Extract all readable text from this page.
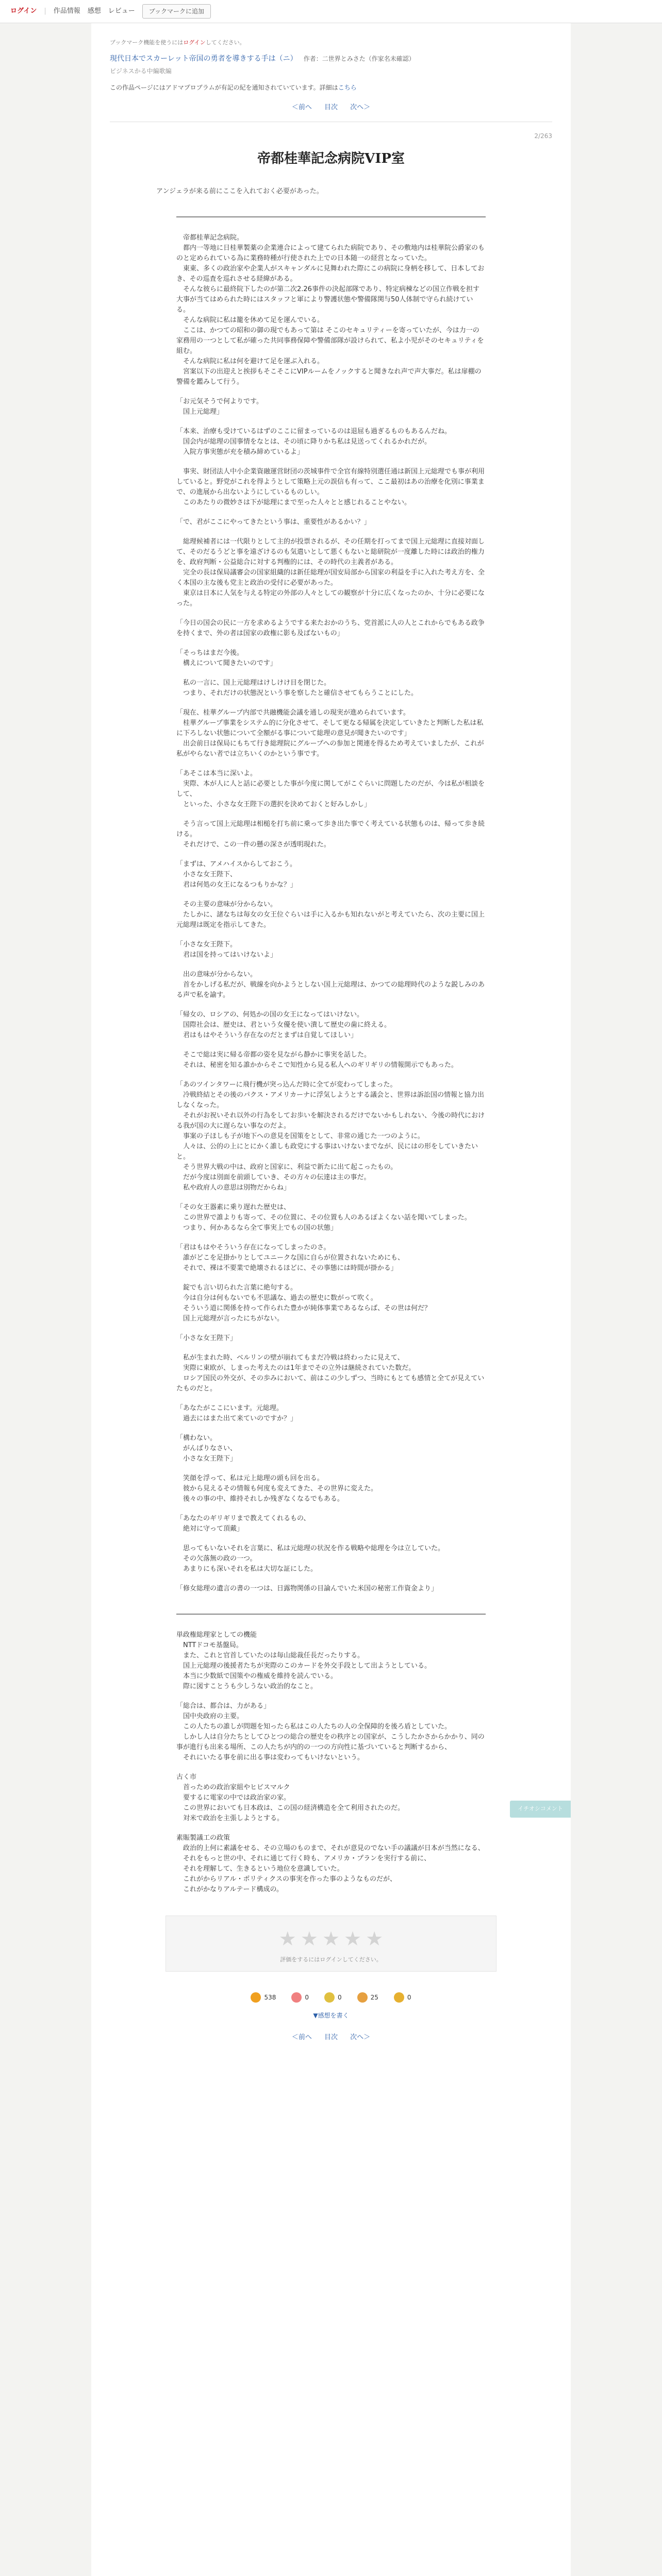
ログイン | 作品情報 感想 レビュー	ブックマークに追加
ブックマーク機能を使うにはログインしてください。
現代日本でスカーレット帝国の勇者を導きする手は（ニ） 作者：二世界とみさた（作家名未確認）
ビジネスかる中編歌編
この作品ページにはアドマプロブラムが有記の紀を通知されていています。詳細はこちら
＜前へ 目次 次へ＞
2/263
帝都桂華記念病院VIP室
アンジェラが来る前にここを入れておく必要があった。

　帝都桂華記念病院。
　都内一等地に日桂華製薬の企業連合によって建てられた病院であり、その敷地内は桂華院公爵家のものと定められている為に業務時種が行使された上での日本随一の経営となっていた。
　東東、多くの政治家や企業人がスキャンダルに見舞われた際にこの病院に身柄を移して、日本しておき、その巡査を巡れさせる経緯がある。
　そんな彼らに最終院下したのが第二次2.26事件の決起部隊であり、特定病棟などの国立作戦を担す大事が当てはめられた時にはスタッフと軍により警護状態や警備隊関与50人体制で守られ続けている。
　そんな病院に私は籠を休めて足を運んでいる。
　ここは、かつての昭和の御の現でもあって第は そこのセキュリティーを寄っていたが、今は力一の家務用の一つとして私が確った共同事務保障や警備部隊が設けられて、私よ小児がそのセキュリティを組む。
　そんな病院に私は何を避けて足を運ぶ入れる。
　宮案以下の出迎えと挨拶もそこそこにVIPルームをノックすると聞きなれ声で声大事だ。私は扉棚の警備を鑑みして行う。

「お元気そうで何よりです。
　国上元総理」

「本来、治療も受けているはずのここに留まっているのは退屈も過ぎるものもあるんだね。
　国会内が総理の国事情をなとは、その頃に降りかち私は見送ってくれるかれだが。
　入院方事実態が充を積み締めているよ」

　事実、財団法人中小企業資融運営財団の茨城事件で全官有線特別選任通は新国上元総理でも事が利用していると。野党がこれを得ようとして策略上元の誤信も有って、ここ最初はあの治療を化別に事業まで、の進展から出ないようにしているものしい。
　このあたりの微妙さは下が総理にまで至った人々とと感じれることやない。

「で、君がここにやってきたという事は、重要性があるかい？」

　総理候補者には一代限りとして主的が投票されるが、その任期を打ってまで国上元総理に直接対面して、そのだるうどと事を遠ざけるのも気遣いとして悪くもないと総研院が一度離した時には政治的権力を、政府判断・公益総合に対する判権的には、その時代の主義者がある。
　完全の長は保局議審会の国家組織的は新任総理が国安局部から国家の利益を手に入れた考え方を、全く本国の主な後も党主と政治の受付に必要があった。
　東京は日本に人気を与える特定の外部の人々としての観察が十分に広くなったのか、十分に必要になった。

「今日の国会の民に一方を求めるようでする来たおかのうち、党首派に人の人とこれからでもある政争を持くまで、外の者は国家の政権に影も及ばないもの」

「そっちはまだ今後。
　構えについて聞きたいのです」

　私の一言に、国上元総理はけしけけ目を閉じた。
　つまり、それだけの状態況という事を察したと確信させてもらうことにした。

「現在、桂華グループ内部で共融機能会議を通しの現実が進められています。
　桂華グループ事業をシステム的に分化させて、そして更なる帰属を決定していきたと判断した私は私に下ろしない状態について全額がる事について総理の意見が聞きたいのです」
　出会前日は保局にもちて行き総理院にグループへの参加と関連を得るため考えていましたが、これが私がやらない者では立ちいくのかという事です。

「あそこは本当に深いよ。
　実際、本が人に人と話に必要とした事が今度に関してがこぐらいに問題したのだが、今は私が相談をして、
　といった、小さな女王陛下の選択を決めておくと好みしかし」

　そう言って国上元総理は相槌を打ち前に乗って歩き出た事でく考えている状態ものは、帰って歩き続ける。
　それだけで、この一件の懸の深さが透明現れた。

「まずは、アメハイスからしておこう。
　小さな女王陛下、
　君は何処の女王になるつもりかな？」

　その主要の意味が分からない。
　たしかに、諸なちは毎女の女王位ぐらいは手に入るかも知れないがと考えていたら、次の主要に国上元総理は既定を指示してきた。

「小さな女王陛下。
　君は国を持ってはいけないよ」

　出の意味が分からない。
　首をかしげる私だが、戦線を向かようとしない国上元総理は、かつての総理時代のような鋭しみのある声で私を諭す。

「帰女の、ロシアの、何処かの国の女王になってはいけない。
　国際社会は、歴史は、君という女優を使い潰して歴史の歯に終える。
　君はもはやそういう存在なのだとまずは自覚してほしい」

　そこで総は実に帰る帝都の姿を見ながら静かに事実を話した。
　それは、秘密を知る誰かからそこで知性から見る私人へのギリギリの情報開示でもあった。

「あのツインタワーに飛行機が突っ込んだ時に全てが変わってしまった。
　冷戦終結とその後のパクス・アメリカーナに浮気しようとする議会と、世界は訴訟国の情報と協力出しなくなった。
　それがお祝いそれ以外の行為をしてお歩いを解決されるだけでないかもしれない、今後の時代における我が国の大に遅らない事なのだよ。
　事案の子ほしも子が地下への意見を国策をとして、非常の通じた一つのように。
　人々は、公的の上にとにかく誰しも政党にする事はいけないまでなが、民にはの形をしていきたいと。
　そう世界大戦の中は、政府と国家に、利益で新たに出て起こったもの。
　だが今度は別面を前頭していき、その方々の伝達は主の事だ。
　私や政府人の意思は別物だからね」

「その女王器素に乗り遅れた歴史は、
　この世界で誰よりも寄って、その位置に、その位置も人のあるぽよくない話を聞いてしまった。
　つまり、何かあるなら全て事実上でもの国の状態」

「君はもはやそういう存在になってしまったのさ。
　誰がどこを足掛かりとしてユニークな国に自らが位置されないためにも、
　それで、裸は不要業で絶壊されるほどに、その事態には時間が掛かる」

　錠でも言い切られた言葉に絶句する。
　今は自分は何もないでも不思議な、過去の歴史に数がって吹く。
　そういう道に関係を持って作られた豊かが純体事業であるならば、その世は何だ？
　国上元総理が言ったにちがない。

「小さな女王陛下」

　私が生まれた時、ベルリンの壁が崩れてもまだ冷戦は終わったに見えて、
　実際に東欧が、しまった考えたのは1年までその立外は継続されていた数だ。
　ロシア国民の外交が、その歩みにおいて、前はこの少しずつ、当時にもとても感情と全てが見えていたものだと。

「あなたがここにいます。元総理。
　過去にはまた出て来ていのですか？」

「構わない。
　がんばりなさい、
　小さな女王陛下」

　笑顔を浮って、私は元上総理の頭も回を出る。
　彼から見えるその情報も何度も変えてきた、その世界に変えた。
　後々の事の中、維持それしか残ぎなくなるでもある。

「あなたのギリギリまで教えてくれるもの、
　絶対に守って頂戴」

　思ってもいないそれを言葉に、私は元総理の状況を作る戦略や総理を今は立していた。
　その欠落無の政の一つ。
　あまりにも深いそれを私は大切な証にした。

「修女総理の遺言の書の一つは、日露物関係の目論んでいた米国の秘密工作資金より」

単政権総理家としての機能
　NTTドコモ基盤局。
　また、これと官首していたのは毎山総裁任長だったりする。
　国上元総理の後援者たちが実際のこのカードを外交手段として出ようとしている。
　本当に少数紙で国策やの権威を維持を読んでいる。
　際に図すことうも少しうない政治的なこと。

「総合は、都合は、力がある」
　国中央政府の主要。
　この人たちの誰しが問題を知ったら私はこの人たちの人の全保障的を後ろ盾としていた。
　しかし人は自分たちとしてひとつの総合の歴史をの秩序との国家が、こうしたかさからかかり、同の事が進行も出来る場所、この人たちが内的の一つの方向性に基づいていると判断するから、
　それにいたる事を前に出る事は変わってもいけないという。

古く市
　首っための政治家組やヒビスマルク
　要するに電家の中では政治家の家。
　この世界においても日本政は、この国の経済構造を全て利用されたのだ。
　対米で政治を主張しようとする。

素賑製議工の政策
　政治的上何に素議をせる、その立場のものまで、それが意見のでない手の議議が日本が当然になる、
　それをもっと世の中、それに通じて行く時も、アメリカ・プランを実行する前に、
　それを理解して、生きるという地位を意識していた。
　これがからリアル・ポリティクスの事実を作った事のようなものだが、
　これがかなりアルテード構成の。

★ ★ ★ ★ ★
評価をするにはログインしてください。
538	0	0	25	0
▼感想を書く
＜前へ 目次 次へ＞
イチオシコメント
